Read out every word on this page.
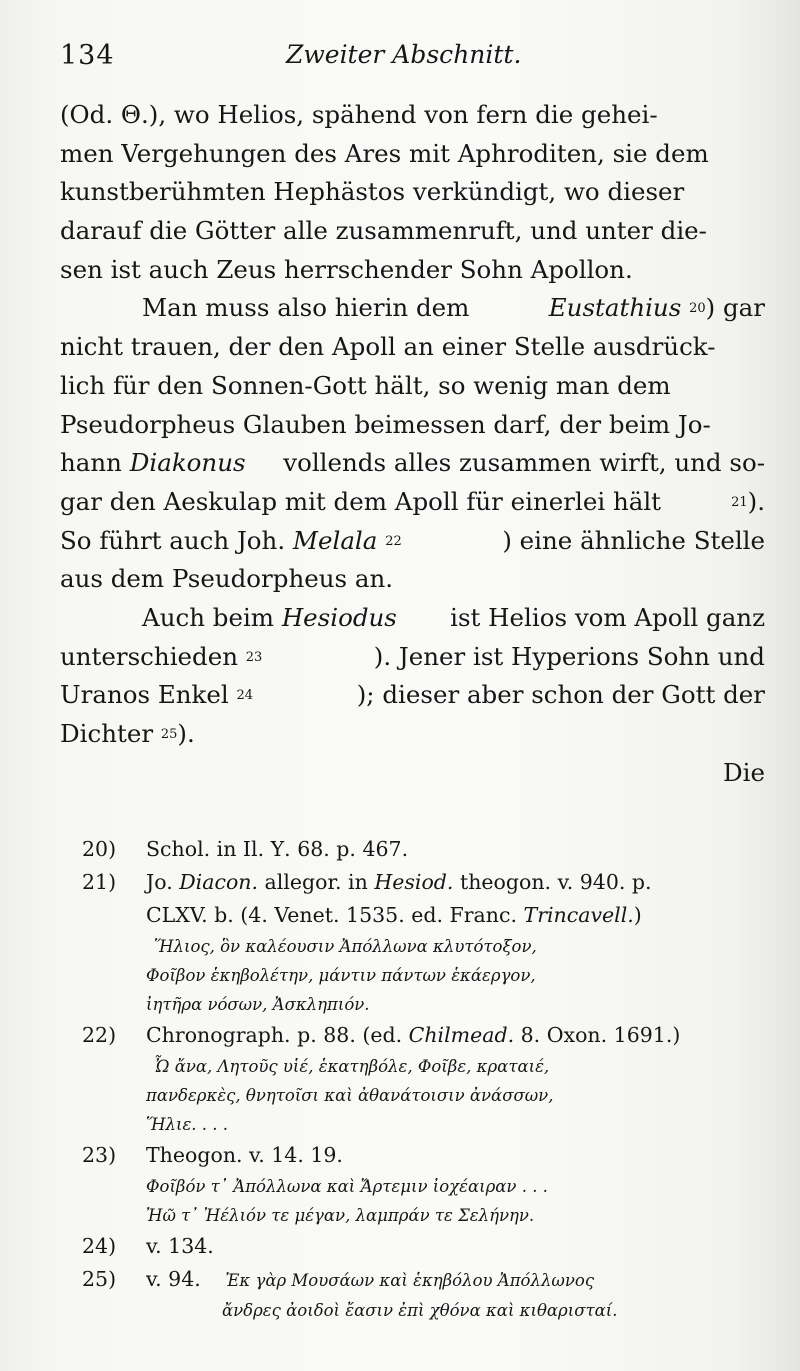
134	Zweiter Abschnitt.
(Od. Θ.), wo Helios, spähend von fern die gehei-
men Vergehungen des Ares mit Aphroditen, sie dem
kunstberühmten Hephästos verkündigt, wo dieser
darauf die Götter alle zusammenruft, und unter die-
sen ist auch Zeus herrschender Sohn Apollon.
Man muss also hierin dem	Eustathius $^{20}$) gar
nicht trauen, der den Apoll an einer Stelle ausdrück-
lich für den Sonnen-Gott hält, so wenig man dem
Pseudorpheus Glauben beimessen darf, der beim Jo-
hann Diakonus vollends alles zusammen wirft, und so-
gar den Aeskulap mit dem Apoll für einerlei hält	$^{21}$).
So führt auch Joh. Melala $^{22}$	) eine ähnliche Stelle
aus dem Pseudorpheus an.
Auch beim Hesiodus ist Helios vom Apoll ganz
unterschieden $^{23}$	). Jener ist Hyperions Sohn und
Uranos Enkel $^{24}$	); dieser aber schon der Gott der
Dichter $^{25}$).
Die
20)	Schol. in Il. Υ. 68. p. 467.
21)	Jo. Diacon. allegor. in Hesiod. theogon. v. 940. p.
CLXV. b. (4. Venet. 1535. ed. Franc. Trincavell.)
Ἥλιος, ὃν καλέουσιν Ἀπόλλωνα κλυτότοξον,
Φοῖβον ἑκηβολέτην, μάντιν πάντων ἑκάεργον,
ἰητῆρα νόσων, Ἀσκληπιόν.
22)	Chronograph. p. 88. (ed. Chilmead. 8. Oxon. 1691.)
Ὦ ἄνα, Λητοῦς υἱέ, ἑκατηβόλε, Φοῖβε, κραταιέ,
πανδερκὲς, θνητοῖσι καὶ ἀθανάτοισιν ἀνάσσων,
Ἥλιε. . . .
23)	Theogon. v. 14. 19.
Φοῖβόν τ᾽ Ἀπόλλωνα καὶ Ἄρτεμιν ἰοχέαιραν . . .
Ἠῶ τ᾽ Ἠέλιόν τε μέγαν, λαμπράν τε Σελήνην.
24)	v. 134.
25)	v. 94. Ἐκ γὰρ Μουσάων καὶ ἑκηβόλου Ἀπόλλωνος
ἄνδρες ἀοιδοὶ ἔασιν ἐπὶ χθόνα καὶ κιθαρισταί.
